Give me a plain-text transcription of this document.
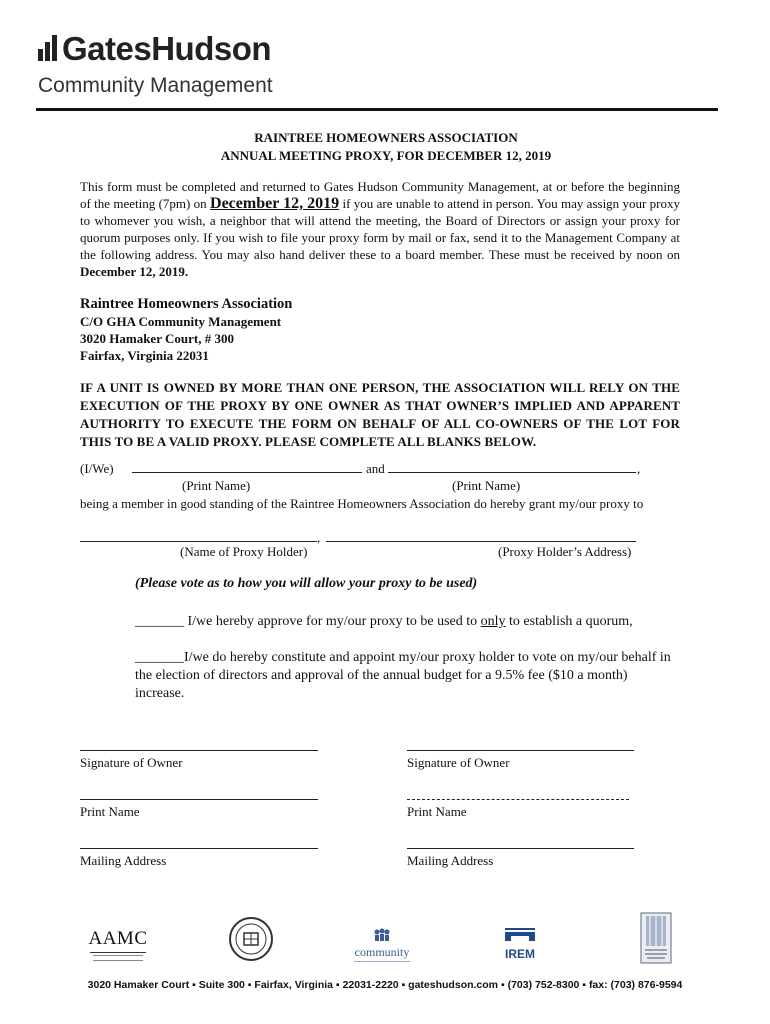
GatesHudson
Community Management
RAINTREE HOMEOWNERS ASSOCIATION
ANNUAL MEETING PROXY, FOR DECEMBER 12, 2019
This form must be completed and returned to Gates Hudson Community Management, at or before the beginning of the meeting (7pm) on December 12, 2019 if you are unable to attend in person. You may assign your proxy to whomever you wish, a neighbor that will attend the meeting, the Board of Directors or assign your proxy for quorum purposes only. If you wish to file your proxy form by mail or fax, send it to the Management Company at the following address. You may also hand deliver these to a board member. These must be received by noon on December 12, 2019.
Raintree Homeowners Association
C/O GHA Community Management
3020 Hamaker Court, # 300
Fairfax, Virginia 22031
IF A UNIT IS OWNED BY MORE THAN ONE PERSON, THE ASSOCIATION WILL RELY ON THE EXECUTION OF THE PROXY BY ONE OWNER AS THAT OWNER’S IMPLIED AND APPARENT AUTHORITY TO EXECUTE THE FORM ON BEHALF OF ALL CO-OWNERS OF THE LOT FOR THIS TO BE A VALID PROXY. PLEASE COMPLETE ALL BLANKS BELOW.
(I/We)	and	,
(Print Name)	(Print Name)
being a member in good standing of the Raintree Homeowners Association do hereby grant my/our proxy to
,
(Name of Proxy Holder)	(Proxy Holder’s Address)
(Please vote as to how you will allow your proxy to be used)
_______ I/we hereby approve for my/our proxy to be used to only to establish a quorum,
_______I/we do hereby constitute and appoint my/our proxy holder to vote on my/our behalf in the election of directors and approval of the annual budget for a 9.5% fee ($10 a month) increase.
Signature of Owner	Signature of Owner
Print Name	Print Name
Mailing Address	Mailing Address
AAMC
community	IREM
3020 Hamaker Court ▪ Suite 300 ▪ Fairfax, Virginia ▪ 22031-2220 ▪ gateshudson.com ▪ (703) 752-8300 ▪ fax: (703) 876-9594
